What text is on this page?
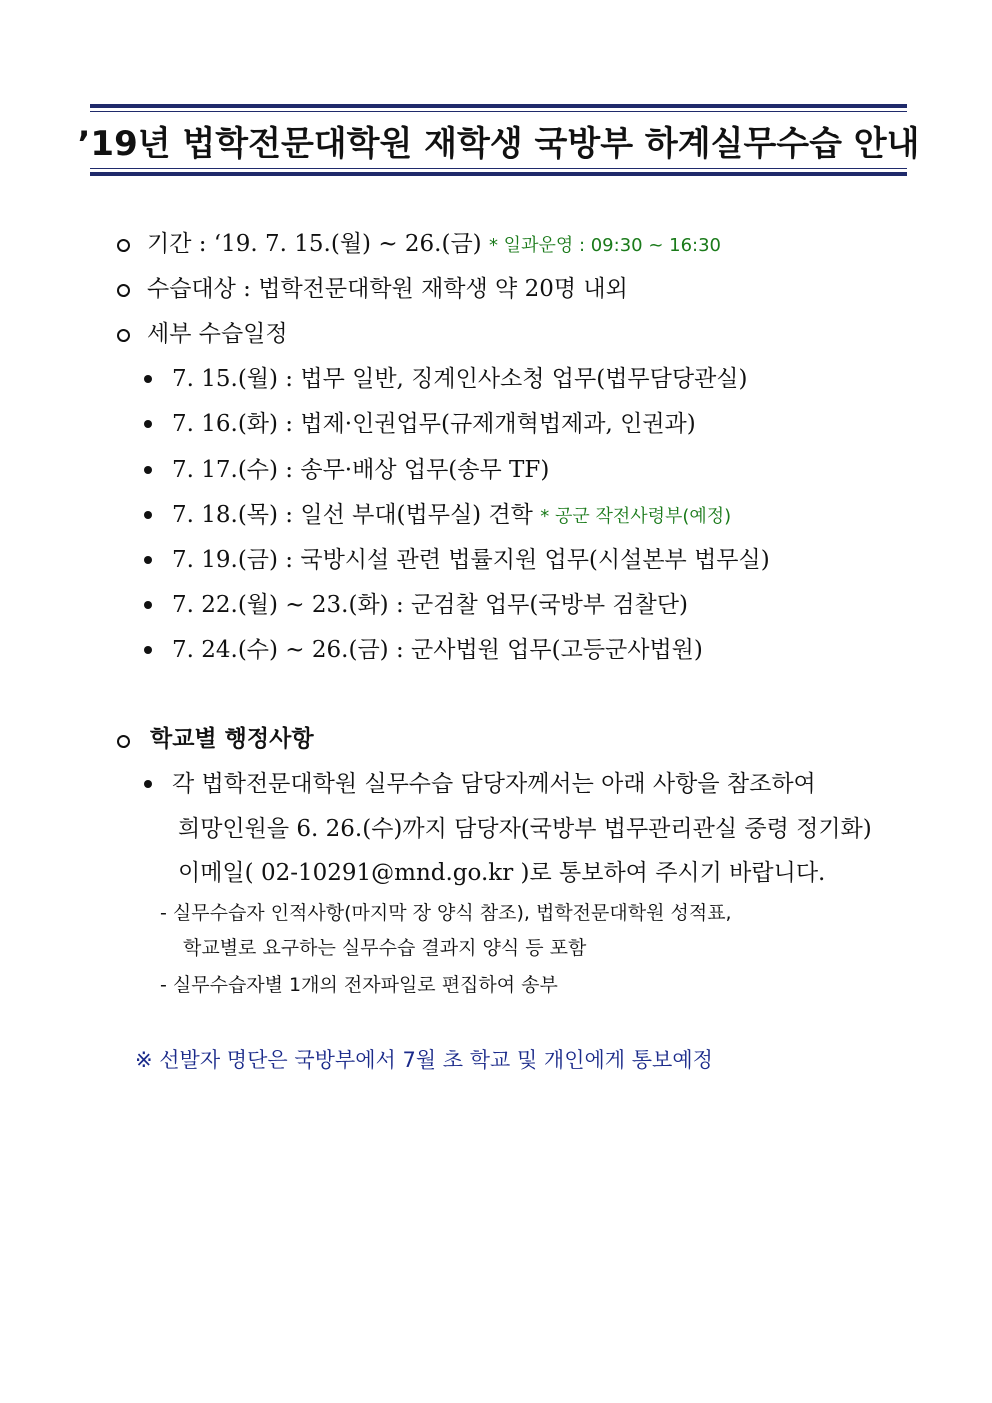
’19년 법학전문대학원 재학생 국방부 하계실무수습 안내
기간 : ‘19. 7. 15.(월) ~ 26.(금) * 일과운영 : 09:30 ~ 16:30
수습대상 : 법학전문대학원 재학생 약 20명 내외
세부 수습일정
7. 15.(월) : 법무 일반, 징계인사소청 업무(법무담당관실)
7. 16.(화) : 법제·인권업무(규제개혁법제과, 인권과)
7. 17.(수) : 송무·배상 업무(송무 TF)
7. 18.(목) : 일선 부대(법무실) 견학 * 공군 작전사령부(예정)
7. 19.(금) : 국방시설 관련 법률지원 업무(시설본부 법무실)
7. 22.(월) ~ 23.(화) : 군검찰 업무(국방부 검찰단)
7. 24.(수) ~ 26.(금) : 군사법원 업무(고등군사법원)
학교별 행정사항
각 법학전문대학원 실무수습 담당자께서는 아래 사항을 참조하여
희망인원을 6. 26.(수)까지 담당자(국방부 법무관리관실 중령 정기화)
이메일( 02-10291@mnd.go.kr )로 통보하여 주시기 바랍니다.
- 실무수습자 인적사항(마지막 장 양식 참조), 법학전문대학원 성적표,
학교별로 요구하는 실무수습 결과지 양식 등 포함
- 실무수습자별 1개의 전자파일로 편집하여 송부
※ 선발자 명단은 국방부에서 7월 초 학교 및 개인에게 통보예정
